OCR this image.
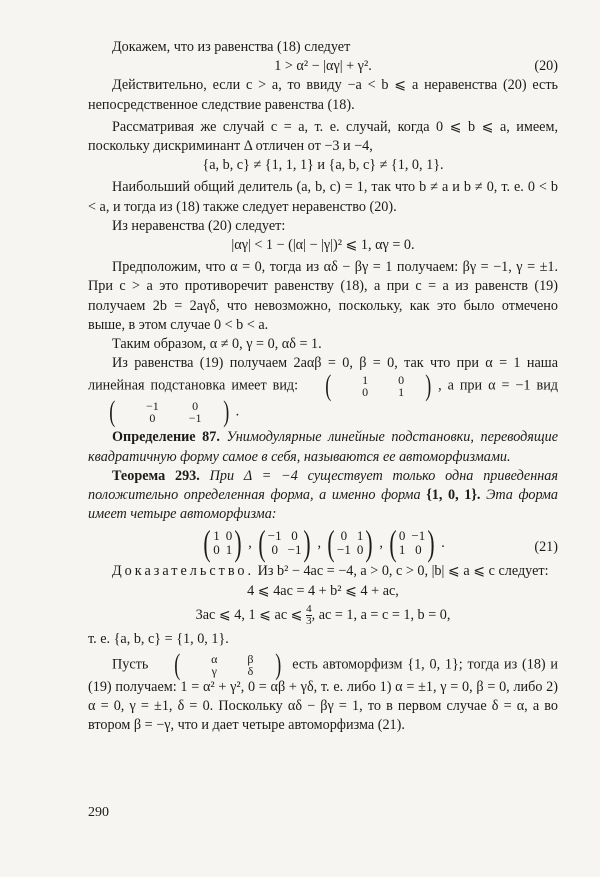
Докажем, что из равенства (18) следует

1 > α² − |αγ| + γ².	(20)

Действительно, если c > a, то ввиду −a < b ⩽ a неравенства (20) есть непосредственное следствие равенства (18).

Рассматривая же случай c = a, т. е. случай, когда 0 ⩽ b ⩽ a, имеем, поскольку дискриминант Δ отличен от −3 и −4,

{a, b, c} ≠ {1, 1, 1} и {a, b, c} ≠ {1, 0, 1}.

Наибольший общий делитель (a, b, c) = 1, так что b ≠ a и b ≠ 0, т. е. 0 < b < a, и тогда из (18) также следует неравенство (20).

Из неравенства (20) следует:

|αγ| < 1 − (|α| − |γ|)² ⩽ 1, αγ = 0.

Предположим, что α = 0, тогда из αδ − βγ = 1 получаем: βγ = −1, γ = ±1. При c > a это противоречит равенству (18), а при c = a из равенств (19) получаем 2b = 2aγδ, что невозможно, поскольку, как это было отмечено выше, в этом случае 0 < b < a.

Таким образом, α ≠ 0, γ = 0, αδ = 1.

Из равенства (19) получаем 2aαβ = 0, β = 0, так что при α = 1 наша линейная подстановка имеет вид: (	1	0
0	1 ) , а при α = −1 вид
(	−1	0
0	−1 ) .

Определение 87. Унимодулярные линейные подстановки, переводящие квадратичную форму самое в себя, называются ее автоморфизмами.

Теорема 293. При Δ = −4 существует только одна приведенная положительно определенная форма, а именно форма {1, 0, 1}. Эта форма имеет четыре автоморфизма:

( 1 0
0 1 ) , ( −1 0
0 −1 ) , ( 0 1
−1 0 ) , ( 0 −1
1 0 ) .	(21)

Доказательство. Из b² − 4ac = −4, a > 0, c > 0, |b| ⩽ a ⩽ c следует:

4 ⩽ 4ac = 4 + b² ⩽ 4 + ac,

3ac ⩽ 4, 1 ⩽ ac ⩽ $\frac{4}{3}$ , ac = 1, a = c = 1, b = 0,

т. е. {a, b, c} = {1, 0, 1}.

Пусть (	α	β
γ	δ ) есть автоморфизм {1, 0, 1}; тогда из (18) и (19) получаем: 1 = α² + γ², 0 = αβ + γδ, т. е. либо 1) α = ±1, γ = 0, β = 0, либо 2) α = 0, γ = ±1, δ = 0. Поскольку αδ − βγ = 1, то в первом случае δ = α, а во втором β = −γ, что и дает четыре автоморфизма (21).

290
